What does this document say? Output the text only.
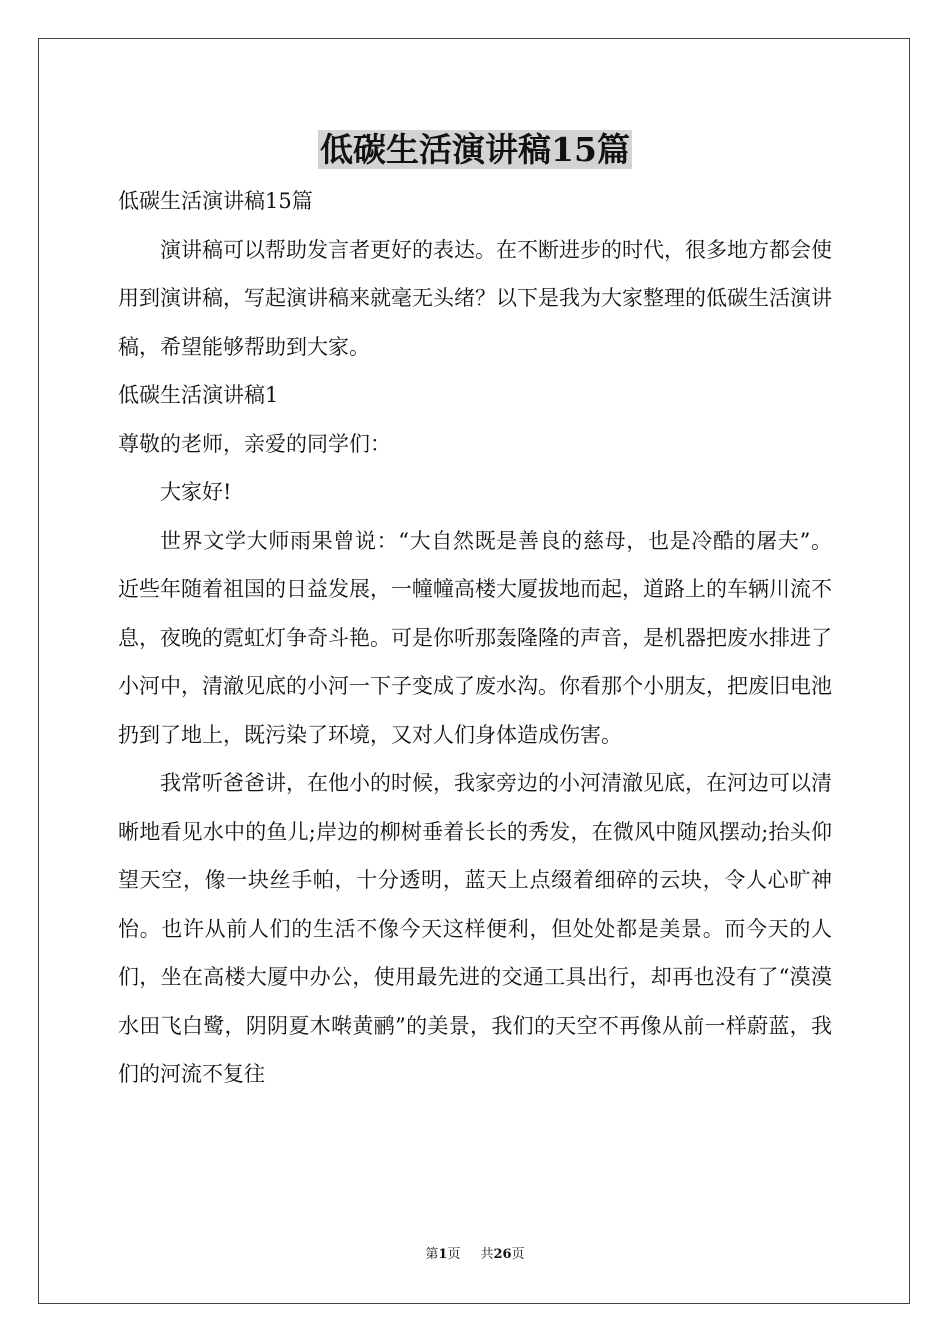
低碳生活演讲稿15篇

低碳生活演讲稿15篇

演讲稿可以帮助发言者更好的表达。在不断进步的时代，很多地方都会使用到演讲稿，写起演讲稿来就毫无头绪？以下是我为大家整理的低碳生活演讲稿，希望能够帮助到大家。

低碳生活演讲稿1

尊敬的老师，亲爱的同学们：

大家好!

世界文学大师雨果曾说：“大自然既是善良的慈母，也是冷酷的屠夫”。近些年随着祖国的日益发展，一幢幢高楼大厦拔地而起，道路上的车辆川流不息，夜晚的霓虹灯争奇斗艳。可是你听那轰隆隆的声音，是机器把废水排进了小河中，清澈见底的小河一下子变成了废水沟。你看那个小朋友，把废旧电池扔到了地上，既污染了环境，又对人们身体造成伤害。

我常听爸爸讲，在他小的时候，我家旁边的小河清澈见底，在河边可以清晰地看见水中的鱼儿;岸边的柳树垂着长长的秀发，在微风中随风摆动;抬头仰望天空，像一块丝手帕，十分透明，蓝天上点缀着细碎的云块，令人心旷神怡。也许从前人们的生活不像今天这样便利，但处处都是美景。而今天的人们，坐在高楼大厦中办公，使用最先进的交通工具出行，却再也没有了“漠漠水田飞白鹭，阴阴夏木啭黄鹂”的美景，我们的天空不再像从前一样蔚蓝，我们的河流不复往

第1页 共26页
